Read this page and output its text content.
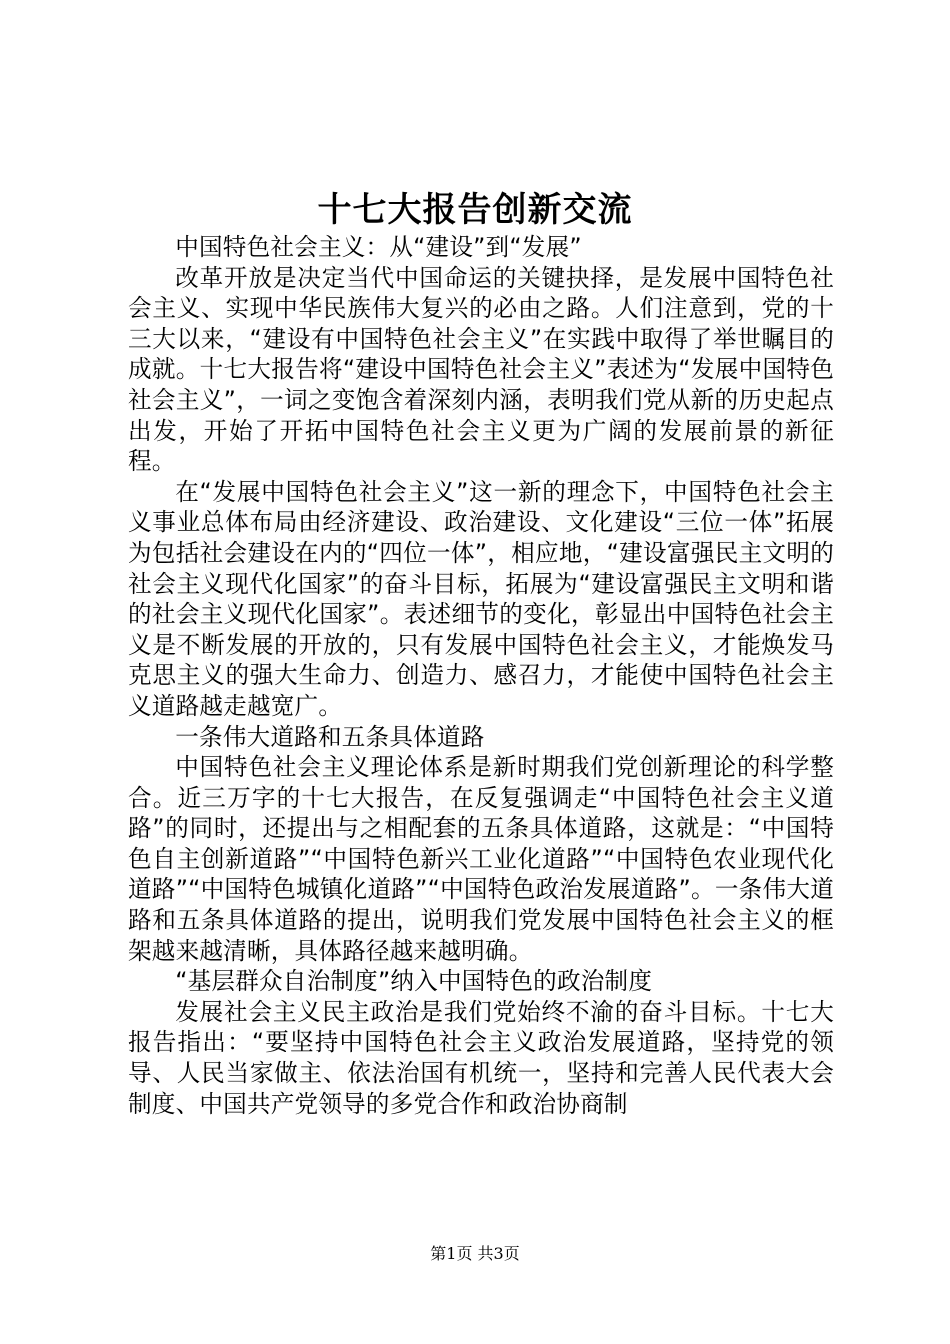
十七大报告创新交流

中国特色社会主义：从“建设”到“发展”

改革开放是决定当代中国命运的关键抉择，是发展中国特色社会主义、实现中华民族伟大复兴的必由之路。人们注意到，党的十三大以来，“建设有中国特色社会主义”在实践中取得了举世瞩目的成就。十七大报告将“建设中国特色社会主义”表述为“发展中国特色社会主义”，一词之变饱含着深刻内涵，表明我们党从新的历史起点出发，开始了开拓中国特色社会主义更为广阔的发展前景的新征程。

在“发展中国特色社会主义”这一新的理念下，中国特色社会主义事业总体布局由经济建设、政治建设、文化建设“三位一体”拓展为包括社会建设在内的“四位一体”，相应地，“建设富强民主文明的社会主义现代化国家”的奋斗目标，拓展为“建设富强民主文明和谐的社会主义现代化国家”。表述细节的变化，彰显出中国特色社会主义是不断发展的开放的，只有发展中国特色社会主义，才能焕发马克思主义的强大生命力、创造力、感召力，才能使中国特色社会主义道路越走越宽广。

一条伟大道路和五条具体道路

中国特色社会主义理论体系是新时期我们党创新理论的科学整合。近三万字的十七大报告，在反复强调走“中国特色社会主义道路”的同时，还提出与之相配套的五条具体道路，这就是：“中国特色自主创新道路”“中国特色新兴工业化道路”“中国特色农业现代化道路”“中国特色城镇化道路”“中国特色政治发展道路”。一条伟大道路和五条具体道路的提出，说明我们党发展中国特色社会主义的框架越来越清晰，具体路径越来越明确。

“基层群众自治制度”纳入中国特色的政治制度

发展社会主义民主政治是我们党始终不渝的奋斗目标。十七大报告指出：“要坚持中国特色社会主义政治发展道路，坚持党的领导、人民当家做主、依法治国有机统一，坚持和完善人民代表大会制度、中国共产党领导的多党合作和政治协商制

第1页 共3页
